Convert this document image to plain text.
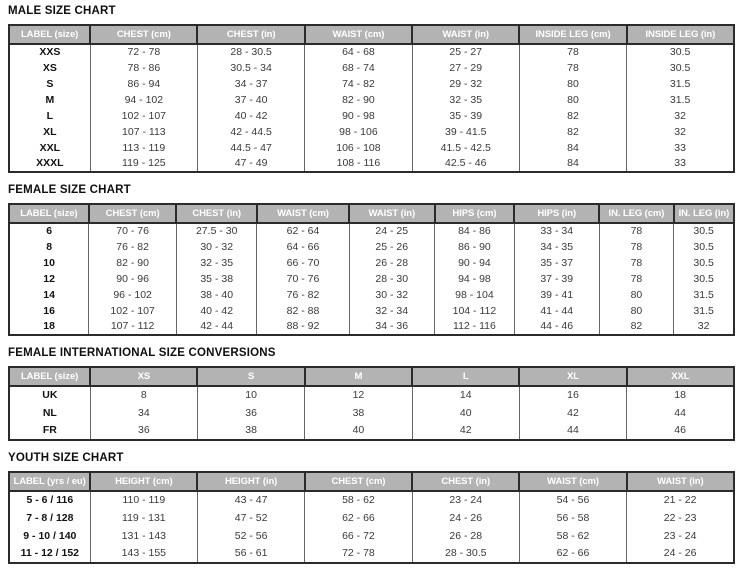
MALE SIZE CHART
LABEL (size)	CHEST (cm)	CHEST (in)	WAIST (cm)	WAIST (in)	INSIDE LEG (cm)	INSIDE LEG (in)
XXS	72 - 78	28 - 30.5	64 - 68	25 - 27	78	30.5
XS	78 - 86	30.5 - 34	68 - 74	27 - 29	78	30.5
S	86 - 94	34 - 37	74 - 82	29 - 32	80	31.5
M	94 - 102	37 - 40	82 - 90	32 - 35	80	31.5
L	102 - 107	40 - 42	90 - 98	35 - 39	82	32
XL	107 - 113	42 - 44.5	98 - 106	39 - 41.5	82	32
XXL	113 - 119	44.5 - 47	106 - 108	41.5 - 42.5	84	33
XXXL	119 - 125	47 - 49	108 - 116	42.5 - 46	84	33
FEMALE SIZE CHART
LABEL (size)	CHEST (cm)	CHEST (in)	WAIST (cm)	WAIST (in)	HIPS (cm)	HIPS (in)	IN. LEG (cm)	IN. LEG (in)
6	70 - 76	27.5 - 30	62 - 64	24 - 25	84 - 86	33 - 34	78	30.5
8	76 - 82	30 - 32	64 - 66	25 - 26	86 - 90	34 - 35	78	30.5
10	82 - 90	32 - 35	66 - 70	26 - 28	90 - 94	35 - 37	78	30.5
12	90 - 96	35 - 38	70 - 76	28 - 30	94 - 98	37 - 39	78	30.5
14	96 - 102	38 - 40	76 - 82	30 - 32	98 - 104	39 - 41	80	31.5
16	102 - 107	40 - 42	82 - 88	32 - 34	104 - 112	41 - 44	80	31.5
18	107 - 112	42 - 44	88 - 92	34 - 36	112 - 116	44 - 46	82	32
FEMALE INTERNATIONAL SIZE CONVERSIONS
LABEL (size)	XS	S	M	L	XL	XXL
UK	8	10	12	14	16	18
NL	34	36	38	40	42	44
FR	36	38	40	42	44	46
YOUTH SIZE CHART
LABEL (yrs / eu)	HEIGHT (cm)	HEIGHT (in)	CHEST (cm)	CHEST (in)	WAIST (cm)	WAIST (in)
5 - 6 / 116	110 - 119	43 - 47	58 - 62	23 - 24	54 - 56	21 - 22
7 - 8 / 128	119 - 131	47 - 52	62 - 66	24 - 26	56 - 58	22 - 23
9 - 10 / 140	131 - 143	52 - 56	66 - 72	26 - 28	58 - 62	23 - 24
11 - 12 / 152	143 - 155	56 - 61	72 - 78	28 - 30.5	62 - 66	24 - 26
